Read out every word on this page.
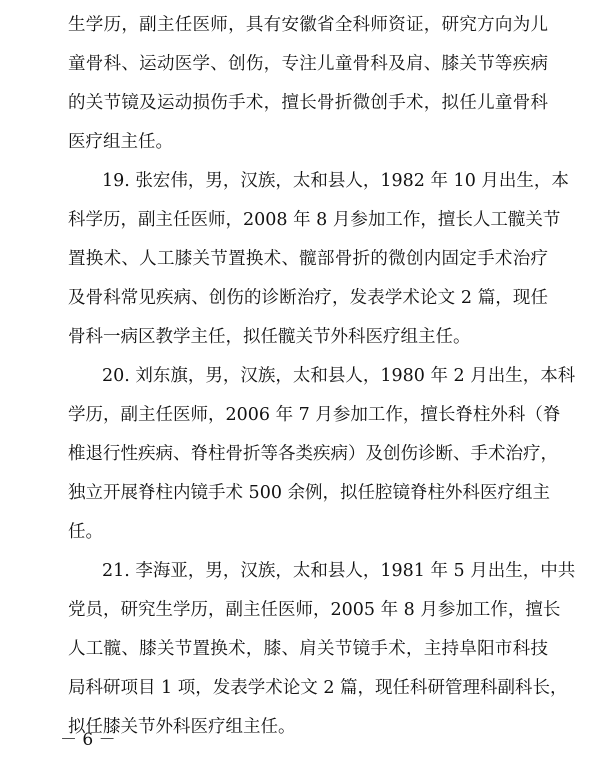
生学历，副主任医师，具有安徽省全科师资证，研究方向为儿
童骨科、运动医学、创伤，专注儿童骨科及肩、膝关节等疾病
的关节镜及运动损伤手术，擅长骨折微创手术，拟任儿童骨科
医疗组主任。
19. 张宏伟，男，汉族，太和县人，1982 年 10 月出生，本
科学历，副主任医师，2008 年 8 月参加工作，擅长人工髋关节
置换术、人工膝关节置换术、髋部骨折的微创内固定手术治疗
及骨科常见疾病、创伤的诊断治疗，发表学术论文 2 篇，现任
骨科一病区教学主任，拟任髋关节外科医疗组主任。
20. 刘东旗，男，汉族，太和县人，1980 年 2 月出生，本科
学历，副主任医师，2006 年 7 月参加工作，擅长脊柱外科（脊
椎退行性疾病、脊柱骨折等各类疾病）及创伤诊断、手术治疗，
独立开展脊柱内镜手术 500 余例，拟任腔镜脊柱外科医疗组主
任。
21. 李海亚，男，汉族，太和县人，1981 年 5 月出生，中共
党员，研究生学历，副主任医师，2005 年 8 月参加工作，擅长
人工髋、膝关节置换术，膝、肩关节镜手术，主持阜阳市科技
局科研项目 1 项，发表学术论文 2 篇，现任科研管理科副科长，
拟任膝关节外科医疗组主任。
－ 6 －
